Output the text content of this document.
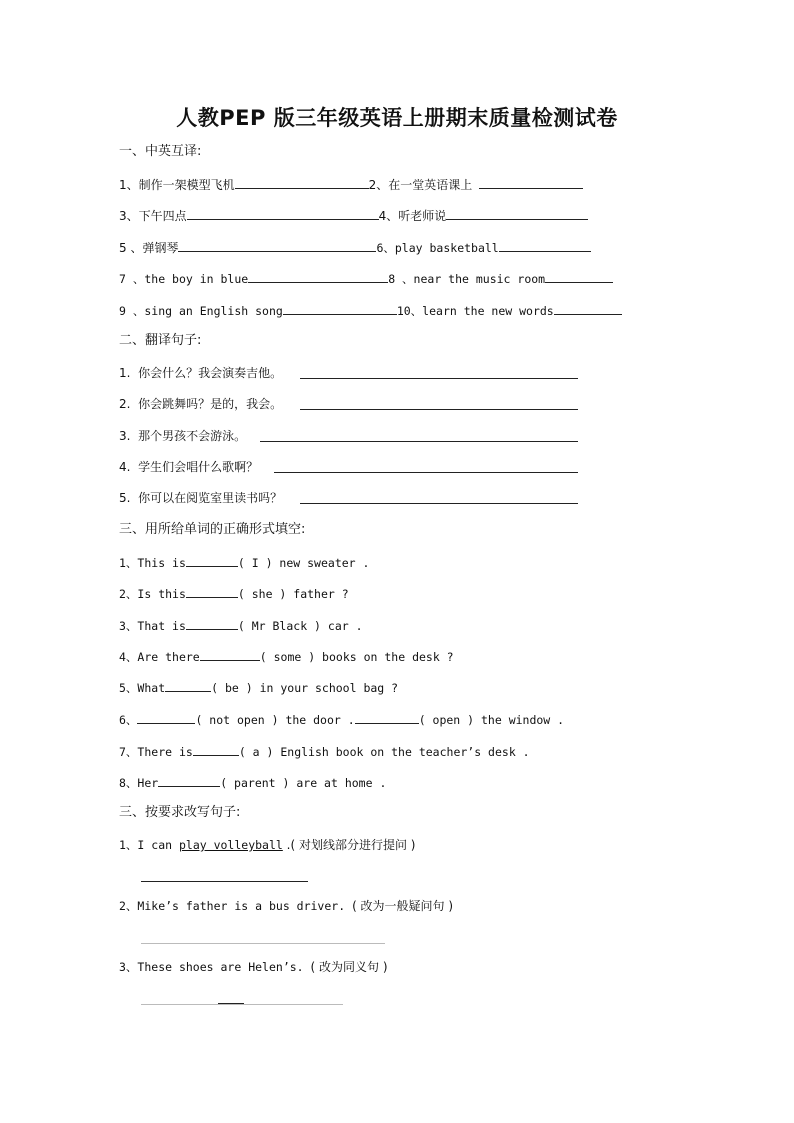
人教PEP 版三年级英语上册期末质量检测试卷
一、中英互译:
1、制作一架模型飞机	2、在一堂英语课上
3、下午四点	4、听老师说
5 、弹钢琴	6、play basketball
7 、the boy in blue	8 、near the music room
9 、sing an English song	10、learn the new words
二、翻译句子:
1. 你会什么？我会演奏吉他。
2. 你会跳舞吗？是的，我会。
3. 那个男孩不会游泳。
4. 学生们会唱什么歌啊？
5. 你可以在阅览室里读书吗？
三、用所给单词的正确形式填空:
1、This is	( I ) new sweater .
2、Is this	( she ) father ?
3、That is	( Mr Black ) car .
4、Are there	( some ) books on the desk ?
5、What	( be ) in your school bag ?
6、	( not open ) the door .	( open ) the window .
7、There is	( a ) English book on the teacher’s desk .
8、Her	( parent ) are at home .
三、按要求改写句子:
1、I can play volleyball .( 对划线部分进行提问 )
2、Mike’s father is a bus driver. ( 改为一般疑问句 )
3、These shoes are Helen’s. ( 改为同义句 )
